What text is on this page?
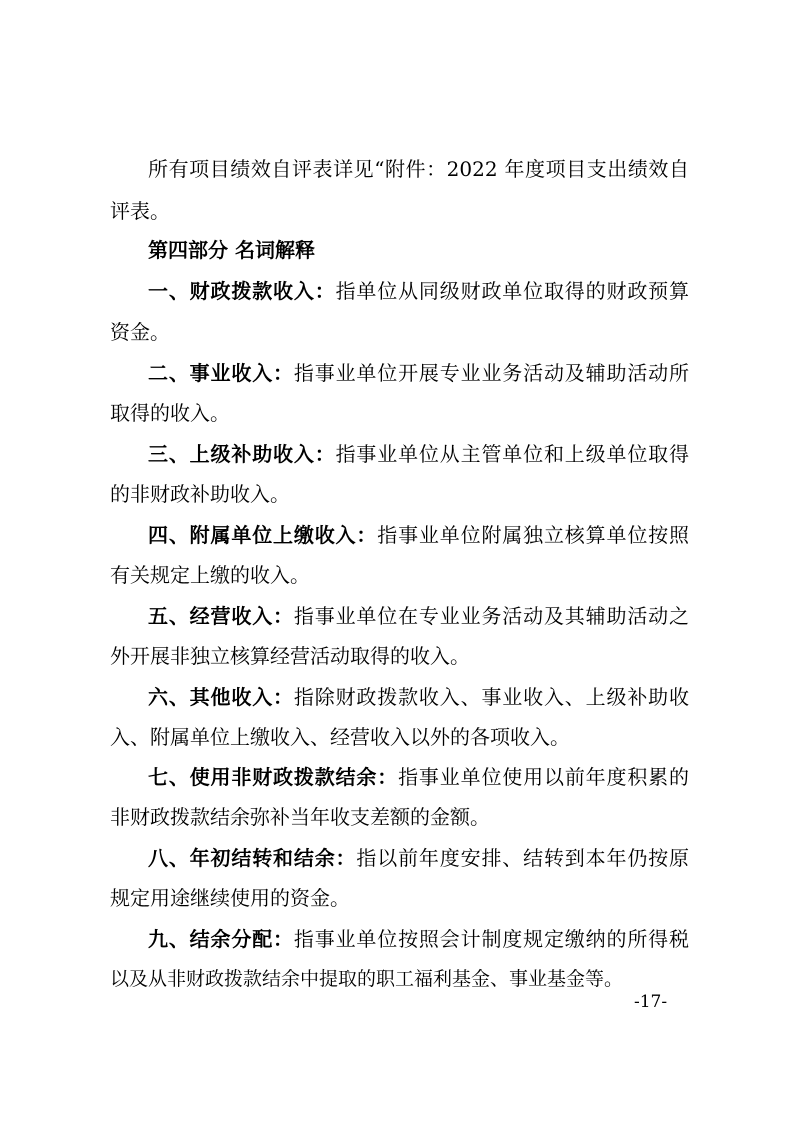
所有项目绩效自评表详见“附件：2022 年度项目支出绩效自
评表。
第四部分 名词解释
一、财政拨款收入：指单位从同级财政单位取得的财政预算
资金。
二、事业收入：指事业单位开展专业业务活动及辅助活动所
取得的收入。
三、上级补助收入：指事业单位从主管单位和上级单位取得
的非财政补助收入。
四、附属单位上缴收入：指事业单位附属独立核算单位按照
有关规定上缴的收入。
五、经营收入：指事业单位在专业业务活动及其辅助活动之
外开展非独立核算经营活动取得的收入。
六、其他收入：指除财政拨款收入、事业收入、上级补助收
入、附属单位上缴收入、经营收入以外的各项收入。
七、使用非财政拨款结余：指事业单位使用以前年度积累的
非财政拨款结余弥补当年收支差额的金额。
八、年初结转和结余：指以前年度安排、结转到本年仍按原
规定用途继续使用的资金。
九、结余分配：指事业单位按照会计制度规定缴纳的所得税
以及从非财政拨款结余中提取的职工福利基金、事业基金等。
-17-
